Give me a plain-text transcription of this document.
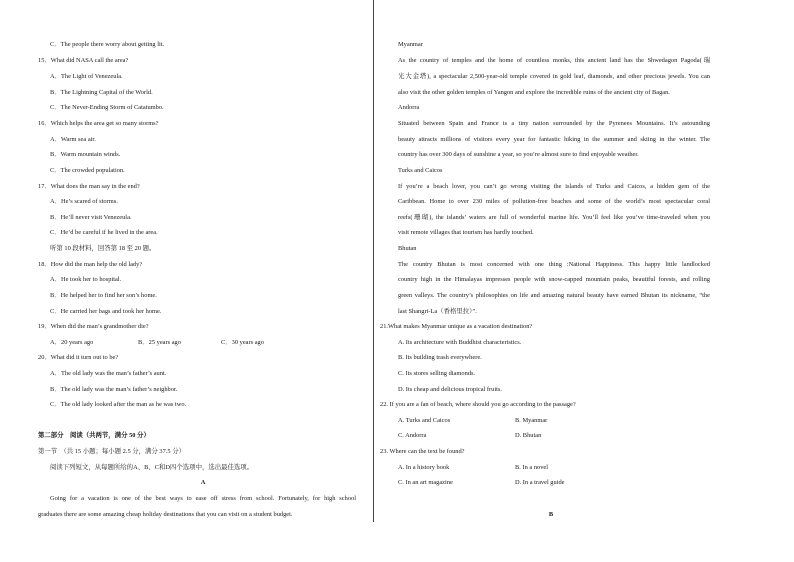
C．The people there worry about getting lit.
15．What did NASA call the area?
A．The Light of Venezeula.
B．The Lightning Capital of the World.
C．The Never-Ending Storm of Catatumbo.
16．Which helps the area get so many storms?
A．Warm sea air.
B．Warm mountain winds.
C．The crowded population.
17．What does the man say in the end?
A．He’s scared of storms.
B．He’ll never visit Venezeula.
C．He’d be careful if he lived in the area.
听第 10 段材料，回答第 18 至 20 题。
18．How did the man help the old lady?
A．He took her to hospital.
B．He helped her to find her son’s home.
C．He carried her bags and took her home.
19．When did the man’s grandmother die?
A．20 years ago	B．25 years ago	C．30 years ago
20．What did it turn out to be?
A．The old lady was the man’s father’s aunt.
B．The old lady was the man’s father’s neighbor.
C．The old lady looked after the man as he was two.
第二部分　阅读（共两节，满分 50 分）
第一节　（共 15 小题；每小题 2.5 分，满分 37.5 分）
阅读下列短文，从每题所给的A、B、C和D四个选项中，选出最佳选项。
A
Going for a vacation is one of the best ways to ease off stress from school. Fortunately, for high school
graduates there are some amazing cheap holiday destinations that you can visit on a student budget.
Myanmar
As the country of temples and the home of countless monks, this ancient land has the Shwedagon Pagoda(瑞
光大金塔), a spectacular 2,500-year-old temple covered in gold leaf, diamonds, and other precious jewels. You can
also visit the other golden temples of Yangon and explore the incredible ruins of the ancient city of Bagan.
Andorra
Situated between Spain and France is a tiny nation surrounded by the Pyrenees Mountains. It’s astounding
beauty attracts millions of visitors every year for fantastic hiking in the summer and skiing in the winter. The
country has over 300 days of sunshine a year, so you’re almost sure to find enjoyable weather.
Turks and Caicos
If you’re a beach lover, you can’t go wrong visiting the islands of Turks and Caicos, a hidden gem of the
Caribbean. Home to over 230 miles of pollution-free beaches and some of the world’s most spectacular coral
reefs(珊瑚), the islands’ waters are full of wonderful marine life. You’ll feel like you’ve time-traveled when you
visit remote villages that tourism has hardly touched.
Bhutan
The country Bhutan is most concerned with one thing :National Happiness. This happy little landlocked
country high in the Himalayas impresses people with snow-capped mountain peaks, beautiful forests, and rolling
green valleys. The country’s philosophies on life and amazing natural beauty have earned Bhutan its nickname, “the
last Shangri-La（香格里拉）”.
21.What makes Myanmar unique as a vacation destination?
A. Its architecture with Buddhist characteristics.
B. Its building trash everywhere.
C. Its stores selling diamonds.
D. Its cheap and delicious tropical fruits.
22. If you are a fan of beach, where should you go according to the passage?
A. Turks and Caicos	B. Myanmar
C. Andorra	D. Bhutan
23. Where can the text be found?
A. In a history book	B. In a novel
C. In an art magazine	D. In a travel guide
B
